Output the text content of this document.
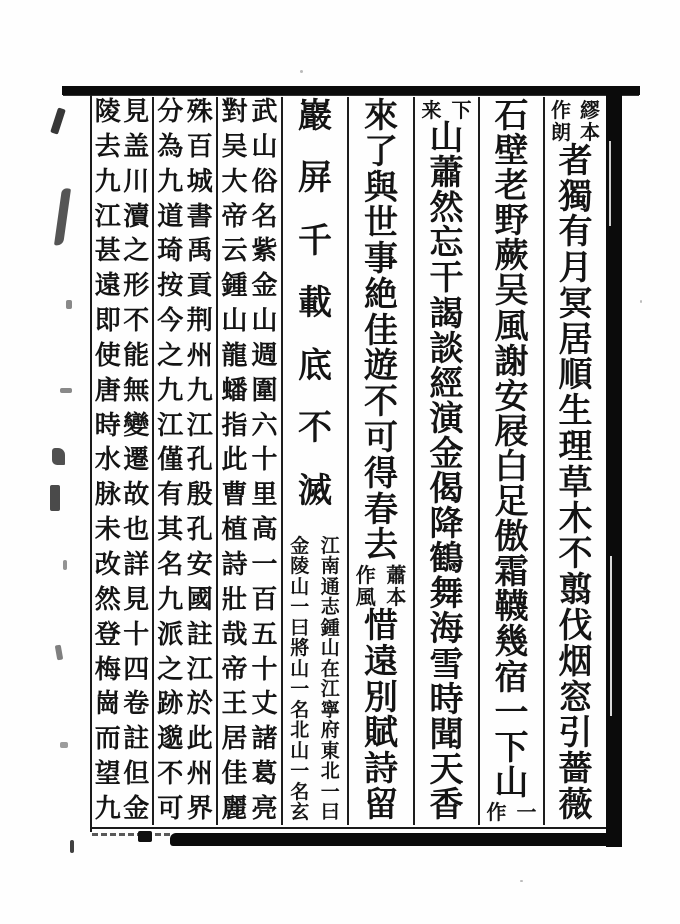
繆
本
作
朗
者
獨
有
月
冥
居
順
生
理
草
木
不
翦
伐
烟
窓
引
薔
薇
石
壁
老
野
蕨
吴
風
謝
安
屐
白
足
傲
霜
韈
幾
宿
一
下
山
一
作
下
来
山
蕭
然
忘
干
謁
談
經
演
金
偈
降
鶴
舞
海
雪
時
聞
天
香
來
了
與
世
事
絶
佳
遊
不
可
得
春
去
蕭
本
作
風
惜
遠
別
賦
詩
留
巖
屏
千
載
底
不
滅
江
南
通
志
鍾
山
在
江
寧
府
東
北
一
曰
金
陵
山
一
曰
將
山
一
名
北
山
一
名
玄
武
山
俗
名
紫
金
山
週
圍
六
十
里
高
一
百
五
十
丈
諸
葛
亮
對
吴
大
帝
云
鍾
山
龍
蟠
指
此
曹
植
詩
壯
哉
帝
王
居
佳
麗
殊
百
城
書
禹
貢
荆
州
九
江
孔
殷
孔
安
國
註
江
於
此
州
界
分
為
九
道
琦
按
今
之
九
江
僅
有
其
名
九
派
之
跡
邈
不
可
見
盖
川
瀆
之
形
不
能
無
變
遷
故
也
詳
見
十
四
卷
註
但
金
陵
去
九
江
甚
遠
即
使
唐
時
水
脉
未
改
然
登
梅
崗
而
望
九
